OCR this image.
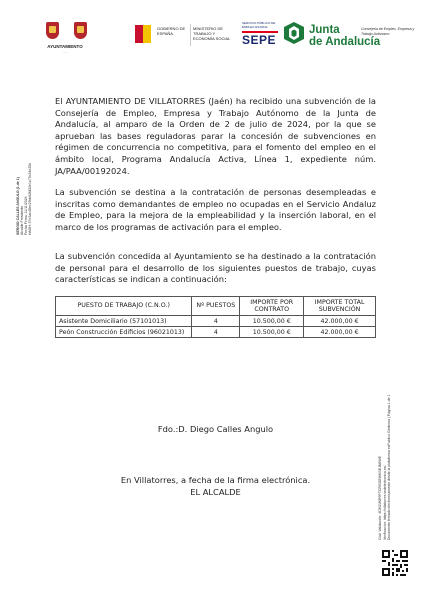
AYUNTAMIENTO
·····
GOBIERNO DE ESPAÑA
MINISTERIO DE TRABAJO Y ECONOMÍA SOCIAL
SERVICIO PÚBLICO DE EMPLEO ESTATAL
SEPE
Junta
de Andalucía
Consejería de Empleo, Empresa y Trabajo Autónomo
SERGIO CALLES ANGULO (1 de 1) Alcalde Presidente Fecha Firma: 11/11/2024 HASH: 57e3ac48ec29dc62fd32e1e75c34e25b
Cód. Validación: 4CMZJNR9PTCRGGEWKSEJN6WE Verificación: https://villatorres.sedelectronica.es/ Documento firmado electrónicamente desde la plataforma esPublico Gestiona | Página 1 de 1
El AYUNTAMIENTO DE VILLATORRES (Jaén) ha recibido una subvención de la Consejería de Empleo, Empresa y Trabajo Autónomo de la Junta de Andalucía, al amparo de la Orden de 2 de julio de 2024, por la que se aprueban las bases reguladoras parar la concesión de subvenciones en régimen de concurrencia no competitiva, para el fomento del empleo en el ámbito local, Programa Andalucía Activa, Línea 1, expediente núm. JA/PAA/00192024.
La subvención se destina a la contratación de personas desempleadas e inscritas como demandantes de empleo no ocupadas en el Servicio Andaluz de Empleo, para la mejora de la empleabilidad y la inserción laboral, en el marco de los programas de activación para el empleo.
La subvención concedida al Ayuntamiento se ha destinado a la contratación de personal para el desarrollo de los siguientes puestos de trabajo, cuyas características se indican a continuación:
PUESTO DE TRABAJO (C.N.O.)	Nº PUESTOS	IMPORTE POR CONTRATO	IMPORTE TOTAL SUBVENCIÓN
Asistente Domiciliario (57101013)	4	10.500,00 €	42.000,00 €
Peón Construcción Edificios (96021013)	4	10.500,00 €	42.000,00 €
En Villatorres, a fecha de la firma electrónica.
EL ALCALDE
Fdo.:D. Diego Calles Angulo
